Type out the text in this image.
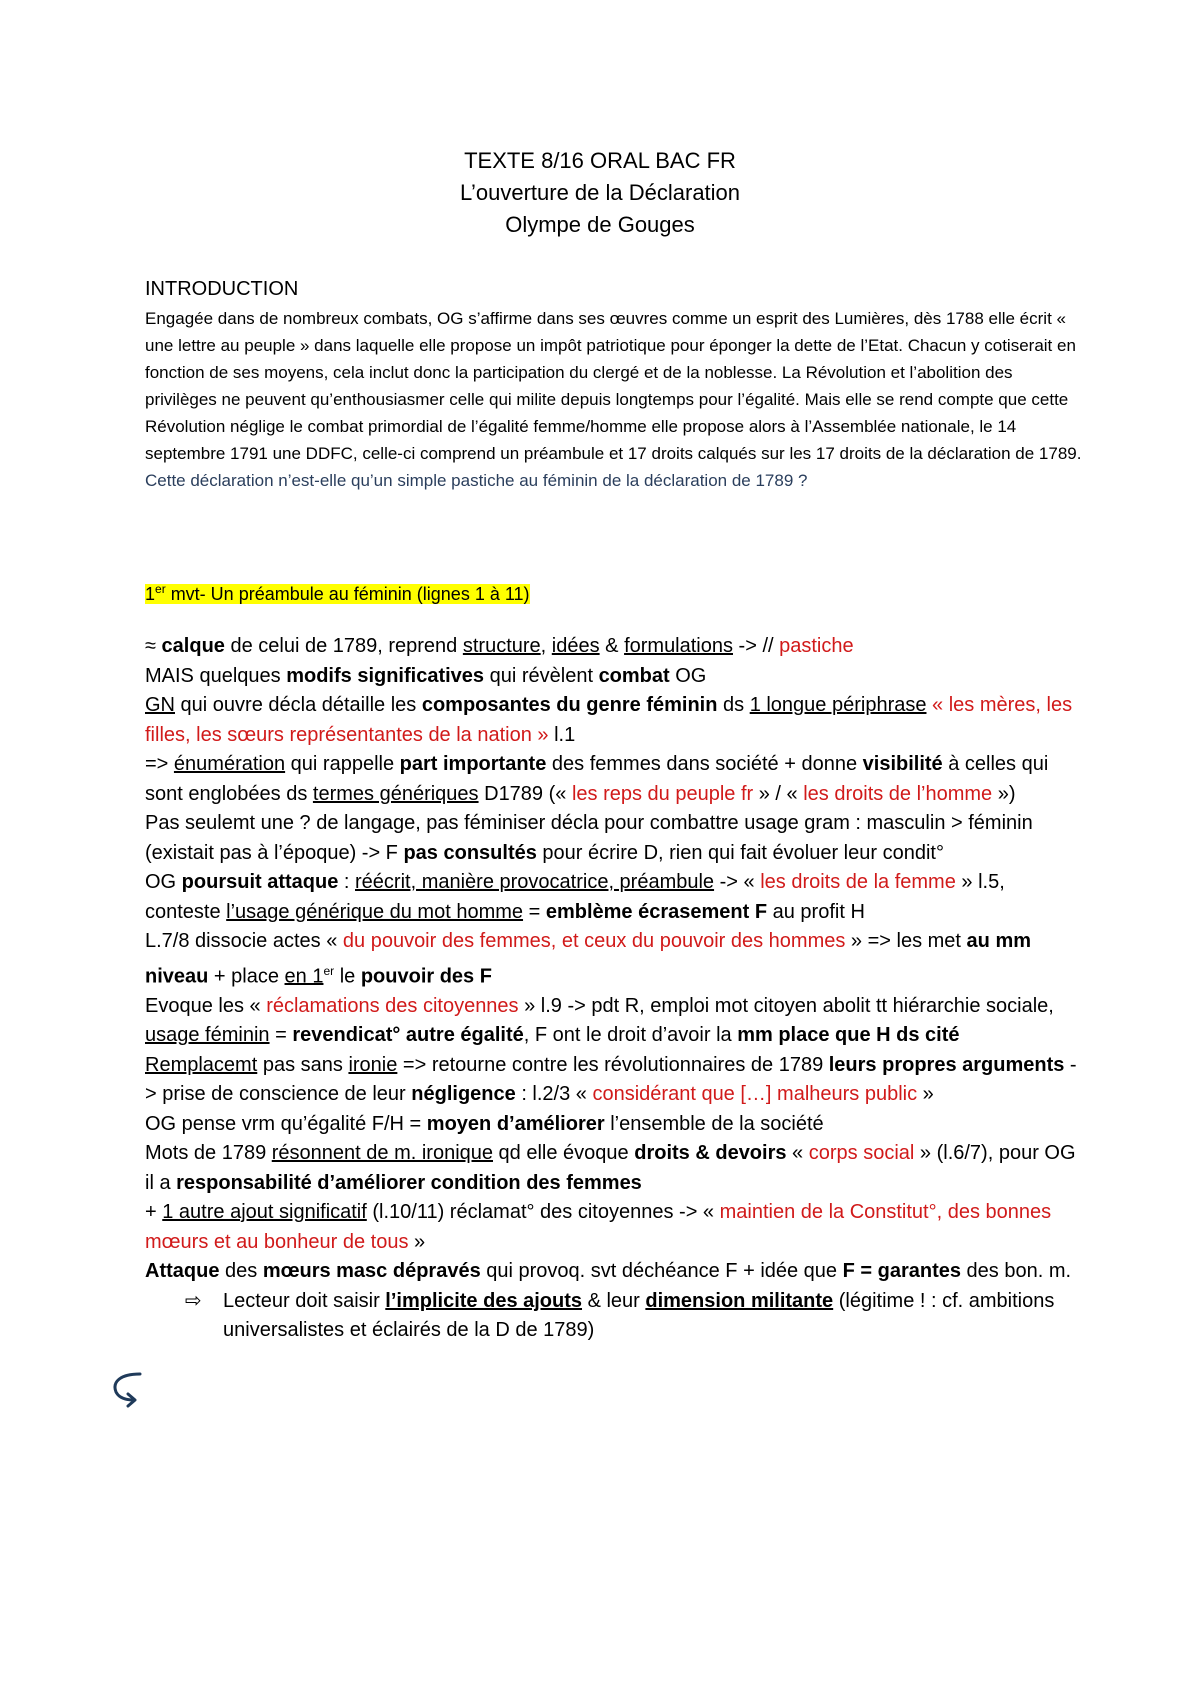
TEXTE 8/16 ORAL BAC FR
L’ouverture de la Déclaration
Olympe de Gouges
INTRODUCTION

Engagée dans de nombreux combats, OG s’affirme dans ses œuvres comme un esprit des Lumières, dès 1788 elle écrit « une lettre au peuple » dans laquelle elle propose un impôt patriotique pour éponger la dette de l’Etat. Chacun y cotiserait en fonction de ses moyens, cela inclut donc la participation du clergé et de la noblesse. La Révolution et l’abolition des privilèges ne peuvent qu’enthousiasmer celle qui milite depuis longtemps pour l’égalité. Mais elle se rend compte que cette Révolution néglige le combat primordial de l’égalité femme/homme elle propose alors à l’Assemblée nationale, le 14 septembre 1791 une DDFC, celle-ci comprend un préambule et 17 droits calqués sur les 17 droits de la déclaration de 1789.

Cette déclaration n’est-elle qu’un simple pastiche au féminin de la déclaration de 1789 ?

1er mvt- Un préambule au féminin (lignes 1 à 11)

≈ calque de celui de 1789, reprend structure, idées & formulations -> // pastiche

MAIS quelques modifs significatives qui révèlent combat OG

GN qui ouvre décla détaille les composantes du genre féminin ds 1 longue périphrase « les mères, les filles, les sœurs représentantes de la nation » l.1

=> énumération qui rappelle part importante des femmes dans société + donne visibilité à celles qui sont englobées ds termes génériques D1789 (« les reps du peuple fr » / « les droits de l’homme »)

Pas seulemt une ? de langage, pas féminiser décla pour combattre usage gram : masculin > féminin (existait pas à l’époque) -> F pas consultés pour écrire D, rien qui fait évoluer leur condit°

OG poursuit attaque : réécrit, manière provocatrice, préambule -> « les droits de la femme » l.5, conteste l’usage générique du mot homme = emblème écrasement F au profit H

L.7/8 dissocie actes « du pouvoir des femmes, et ceux du pouvoir des hommes » => les met au mm niveau + place en 1er le pouvoir des F

Evoque les « réclamations des citoyennes » l.9 -> pdt R, emploi mot citoyen abolit tt hiérarchie sociale, usage féminin = revendicat° autre égalité, F ont le droit d’avoir la mm place que H ds cité

Remplacemt pas sans ironie => retourne contre les révolutionnaires de 1789 leurs propres arguments -> prise de conscience de leur négligence : l.2/3 « considérant que […] malheurs public »

OG pense vrm qu’égalité F/H = moyen d’améliorer l’ensemble de la société

Mots de 1789 résonnent de m. ironique qd elle évoque droits & devoirs « corps social » (l.6/7), pour OG il a responsabilité d’améliorer condition des femmes

+ 1 autre ajout significatif (l.10/11) réclamat° des citoyennes -> « maintien de la Constitut°, des bonnes mœurs et au bonheur de tous »

Attaque des mœurs masc dépravés qui provoq. svt déchéance F + idée que F = garantes des bon. m.

⇨	Lecteur doit saisir l’implicite des ajouts & leur dimension militante (légitime ! : cf. ambitions universalistes et éclairés de la D de 1789)
